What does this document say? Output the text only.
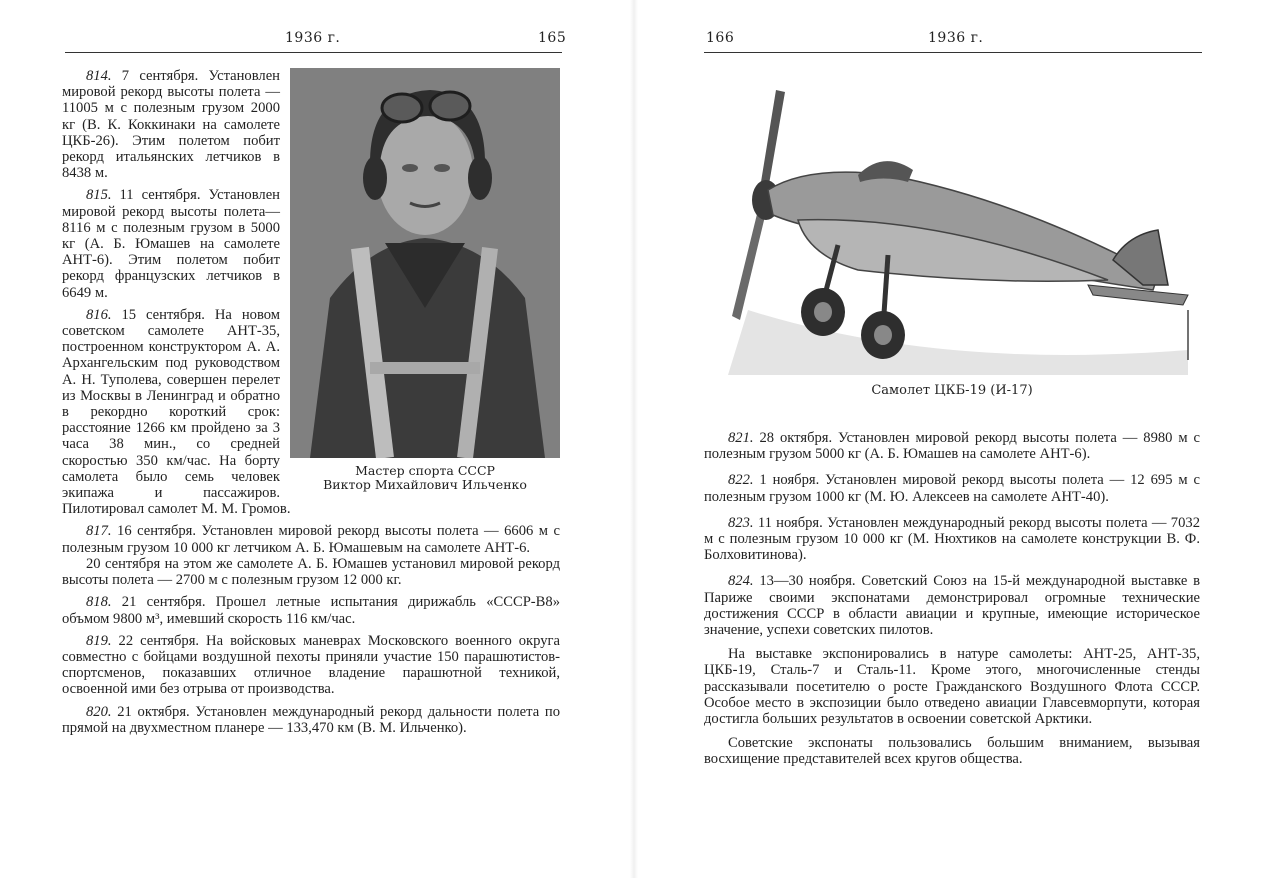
1936 г.	165
Мастер спорта СССР
Виктор Михайлович Ильченко

814. 7 сентября. Установлен мировой рекорд высоты полета — 11005 м с полезным грузом 2000 кг (В. К. Коккинаки на самолете ЦКБ-26). Этим полетом побит рекорд итальянских летчиков в 8438 м.

815. 11 сентября. Установлен мировой рекорд высоты полета—8116 м с полезным грузом в 5000 кг (А. Б. Юмашев на самолете АНТ-6). Этим полетом побит рекорд французских летчиков в 6649 м.

816. 15 сентября. На новом советском самолете АНТ-35, построенном конструктором А. А. Архангельским под руководством А. Н. Туполева, совершен перелет из Москвы в Ленинград и обратно в рекордно короткий срок: расстояние 1266 км пройдено за 3 часа 38 мин., со средней скоростью 350 км/час. На борту самолета было семь человек экипажа и пассажиров. Пилотировал самолет М. М. Громов.

817. 16 сентября. Установлен мировой рекорд высоты полета — 6606 м с полезным грузом 10 000 кг летчиком А. Б. Юмашевым на самолете АНТ-6.

20 сентября на этом же самолете А. Б. Юмашев установил мировой рекорд высоты полета — 2700 м с полезным грузом 12 000 кг.

818. 21 сентября. Прошел летные испытания дирижабль «СССР-В8» объмом 9800 м³, имевший скорость 116 км/час.

819. 22 сентября. На войсковых маневрах Московского военного округа совместно с бойцами воздушной пехоты приняли участие 150 парашютистов-спортсменов, показавших отличное владение парашютной техникой, освоенной ими без отрыва от производства.

820. 21 октября. Установлен международный рекорд дальности полета по прямой на двухместном планере — 133,470 км (В. М. Ильченко).

166	1936 г.
Самолет ЦКБ-19 (И-17)

821. 28 октября. Установлен мировой рекорд высоты полета — 8980 м с полезным грузом 5000 кг (А. Б. Юмашев на самолете АНТ-6).

822. 1 ноября. Установлен мировой рекорд высоты полета — 12 695 м с полезным грузом 1000 кг (М. Ю. Алексеев на самолете АНТ-40).

823. 11 ноября. Установлен международный рекорд высоты полета — 7032 м с полезным грузом 10 000 кг (М. Нюхтиков на самолете конструкции В. Ф. Болховитинова).

824. 13—30 ноября. Советский Союз на 15-й международной выставке в Париже своими экспонатами демонстрировал огромные технические достижения СССР в области авиации и крупные, имеющие историческое значение, успехи советских пилотов.

На выставке экспонировались в натуре самолеты: АНТ-25, АНТ-35, ЦКБ-19, Сталь-7 и Сталь-11. Кроме этого, многочисленные стенды рассказывали посетителю о росте Гражданского Воздушного Флота СССР. Особое место в экспозиции было отведено авиации Главсевморпути, которая достигла больших результатов в освоении советской Арктики.

Советские экспонаты пользовались большим вниманием, вызывая восхищение представителей всех кругов общества.
